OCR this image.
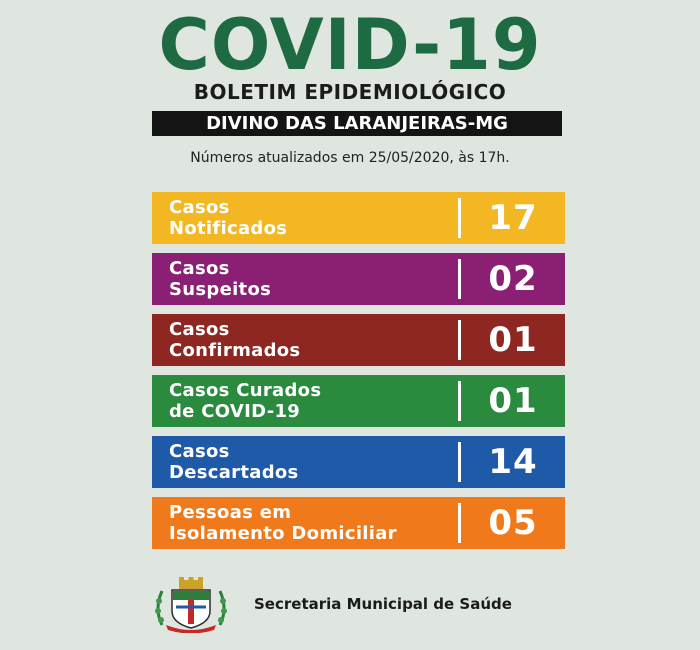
COVID-19
BOLETIM EPIDEMIOLÓGICO
DIVINO DAS LARANJEIRAS-MG
Números atualizados em 25/05/2020, às 17h.
Casos
Notificados	17
Casos
Suspeitos	02
Casos
Confirmados	01
Casos Curados
de COVID-19	01
Casos
Descartados	14
Pessoas em
Isolamento Domiciliar	05
Secretaria Municipal de Saúde
